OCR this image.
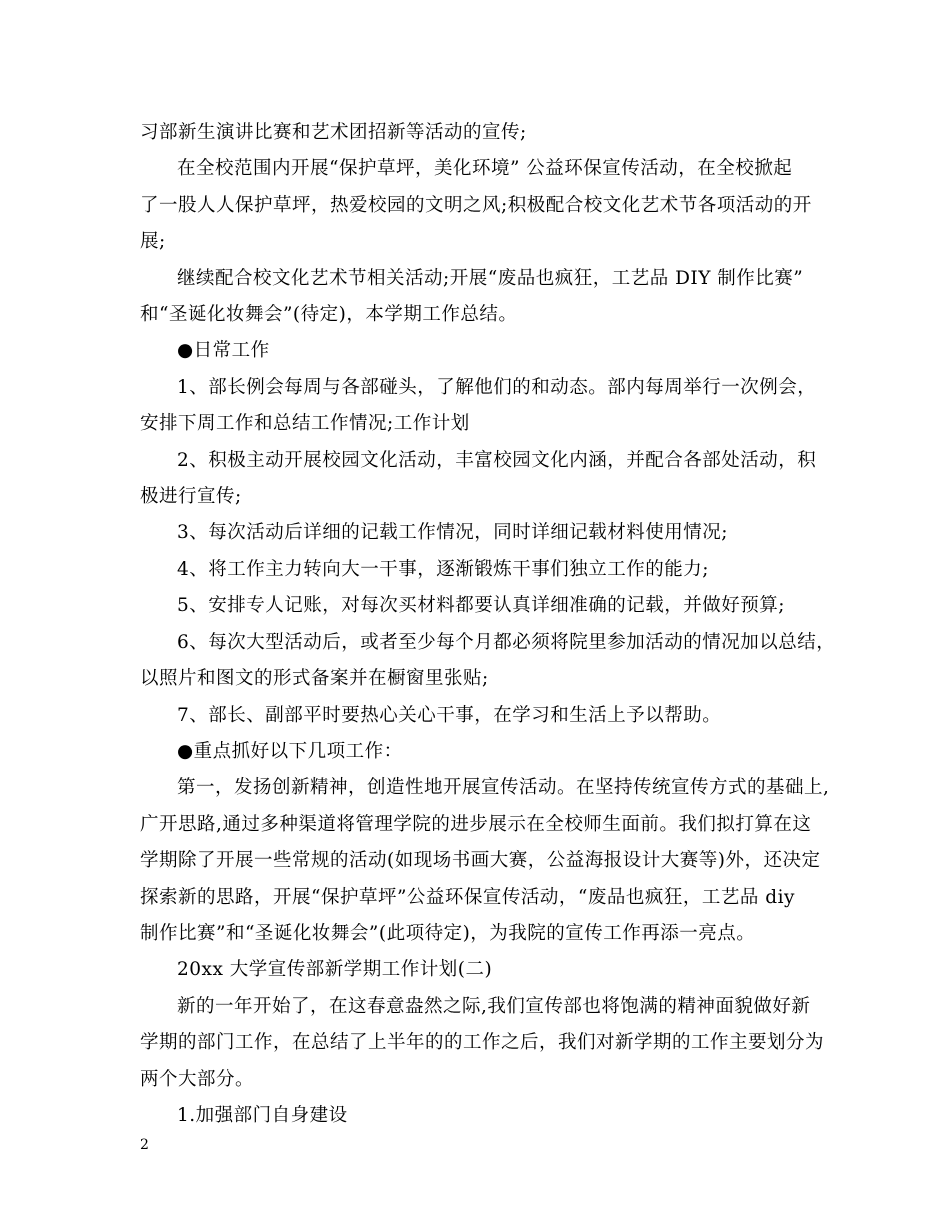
习部新生演讲比赛和艺术团招新等活动的宣传;
在全校范围内开展“保护草坪，美化环境” 公益环保宣传活动，在全校掀起
了一股人人保护草坪，热爱校园的文明之风;积极配合校文化艺术节各项活动的开
展;
继续配合校文化艺术节相关活动;开展“废品也疯狂，工艺品 DIY 制作比赛”
和“圣诞化妆舞会”(待定)，本学期工作总结。
●日常工作
1、部长例会每周与各部碰头，了解他们的和动态。部内每周举行一次例会，
安排下周工作和总结工作情况;工作计划
2、积极主动开展校园文化活动，丰富校园文化内涵，并配合各部处活动，积
极进行宣传;
3、每次活动后详细的记载工作情况，同时详细记载材料使用情况;
4、将工作主力转向大一干事，逐渐锻炼干事们独立工作的能力;
5、安排专人记账，对每次买材料都要认真详细准确的记载，并做好预算;
6、每次大型活动后，或者至少每个月都必须将院里参加活动的情况加以总结，
以照片和图文的形式备案并在橱窗里张贴;
7、部长、副部平时要热心关心干事，在学习和生活上予以帮助。
●重点抓好以下几项工作：
第一，发扬创新精神，创造性地开展宣传活动。在坚持传统宣传方式的基础上,
广开思路,通过多种渠道将管理学院的进步展示在全校师生面前。我们拟打算在这
学期除了开展一些常规的活动(如现场书画大赛，公益海报设计大赛等)外，还决定
探索新的思路，开展“保护草坪”公益环保宣传活动，“废品也疯狂，工艺品 diy
制作比赛”和“圣诞化妆舞会”(此项待定)，为我院的宣传工作再添一亮点。
20xx 大学宣传部新学期工作计划(二)
新的一年开始了，在这春意盎然之际,我们宣传部也将饱满的精神面貌做好新
学期的部门工作，在总结了上半年的的工作之后，我们对新学期的工作主要划分为
两个大部分。
1.加强部门自身建设
2
